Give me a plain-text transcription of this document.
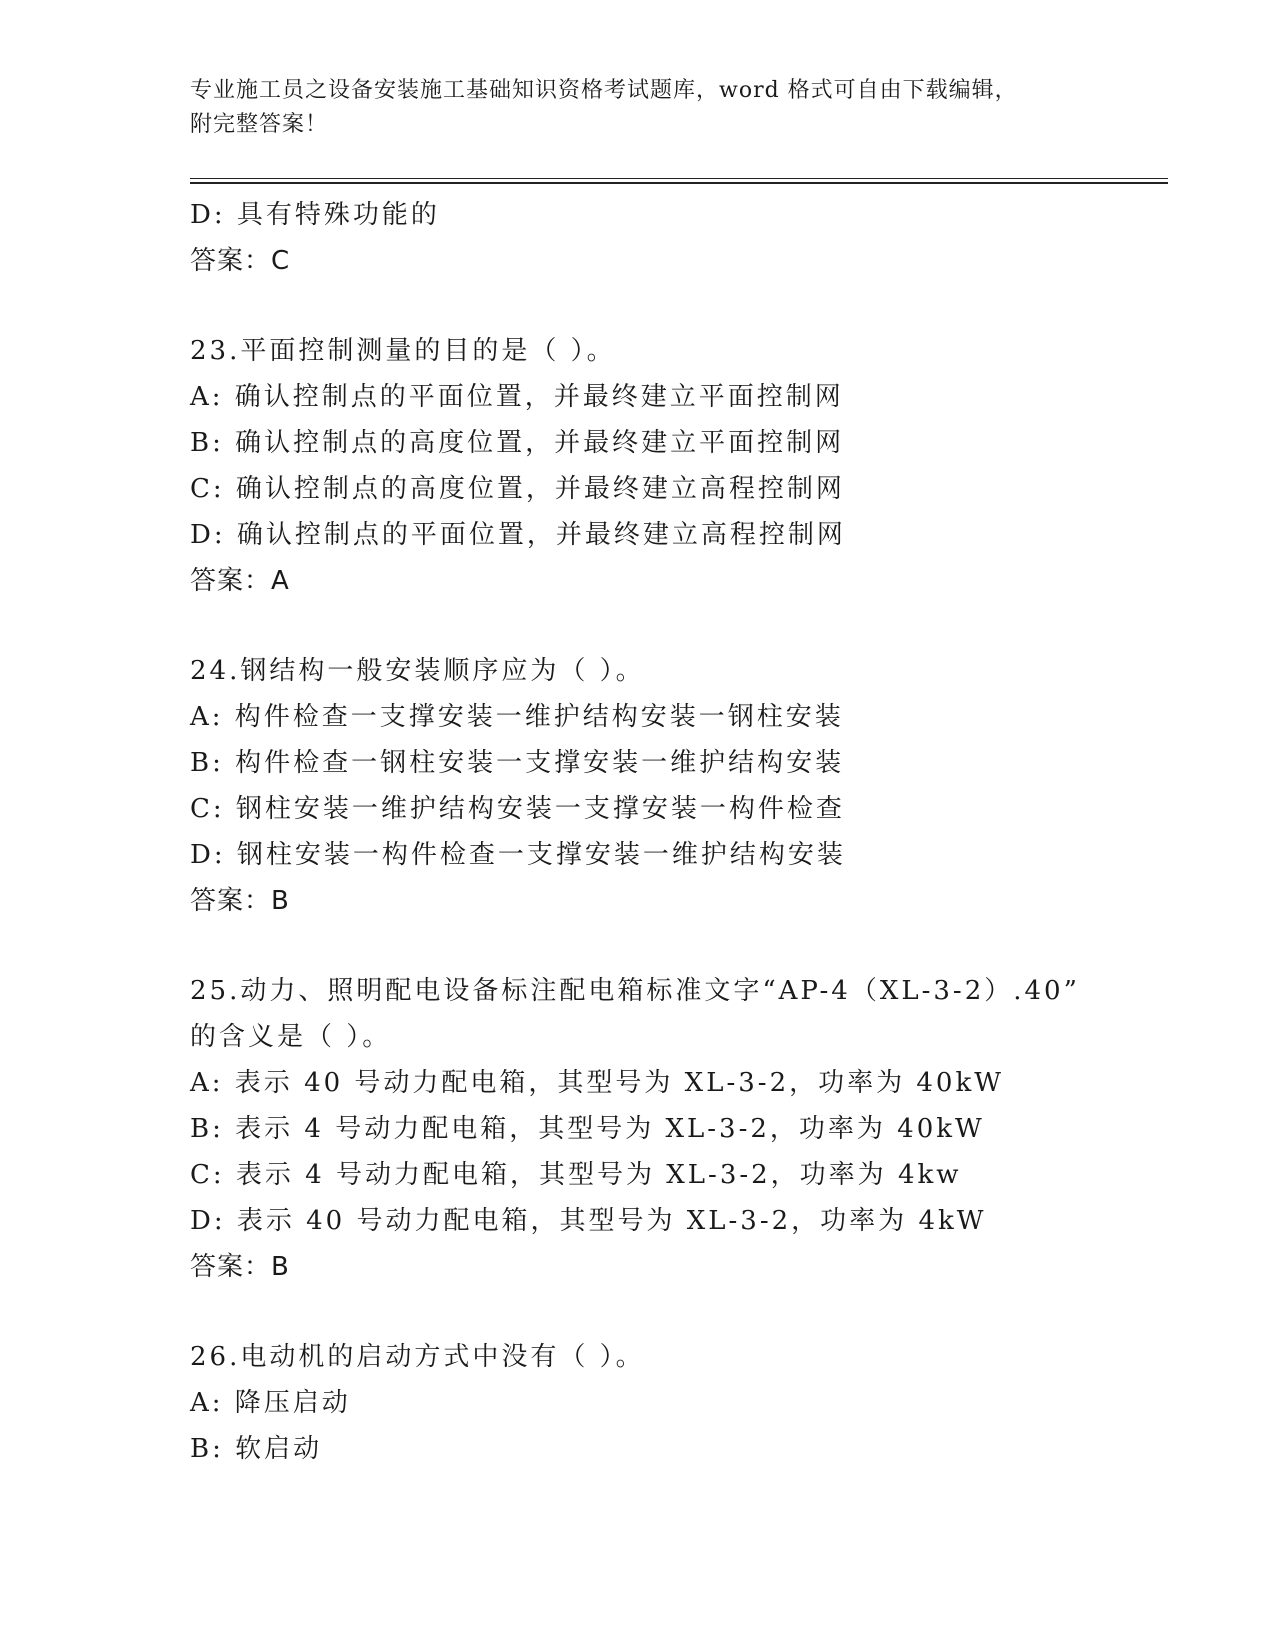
专业施工员之设备安装施工基础知识资格考试题库，word 格式可自由下载编辑，
附完整答案！
D: 具有特殊功能的
答案：C
23.平面控制测量的目的是（ ）。
A: 确认控制点的平面位置，并最终建立平面控制网
B: 确认控制点的高度位置，并最终建立平面控制网
C: 确认控制点的高度位置，并最终建立高程控制网
D: 确认控制点的平面位置，并最终建立高程控制网
答案：A
24.钢结构一般安装顺序应为（ ）。
A: 构件检查一支撑安装一维护结构安装一钢柱安装
B: 构件检查一钢柱安装一支撑安装一维护结构安装
C: 钢柱安装一维护结构安装一支撑安装一构件检查
D: 钢柱安装一构件检查一支撑安装一维护结构安装
答案：B
25.动力、照明配电设备标注配电箱标准文字“AP-4（XL-3-2）.40”
的含义是（ ）。
A: 表示 40 号动力配电箱，其型号为 XL-3-2，功率为 40kW
B: 表示 4 号动力配电箱，其型号为 XL-3-2，功率为 40kW
C: 表示 4 号动力配电箱，其型号为 XL-3-2，功率为 4kw
D: 表示 40 号动力配电箱，其型号为 XL-3-2，功率为 4kW
答案：B
26.电动机的启动方式中没有（ ）。
A: 降压启动
B: 软启动
